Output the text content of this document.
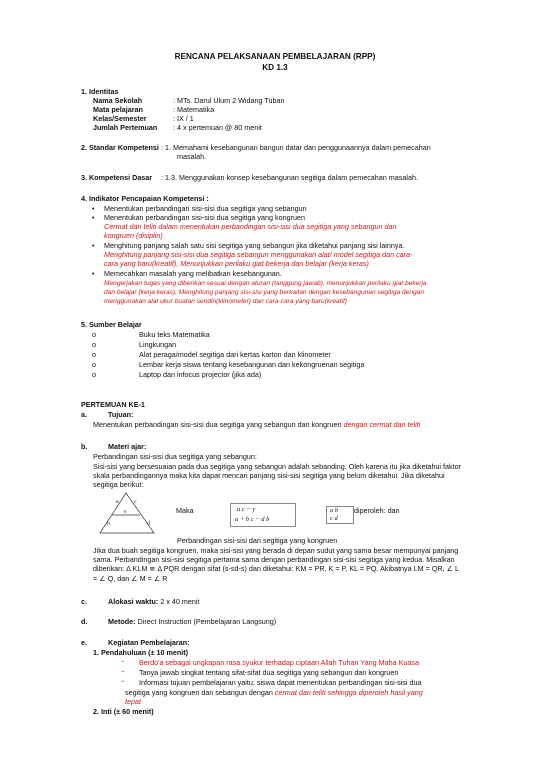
RENCANA PELAKSANAAN PEMBELAJARAN (RPP)
KD 1.3
1. Identitas
Nama Sekolah	: MTs. Darul Ulum 2 Widang Tuban
Mata pelajaran	: Matematika
Kelas/Semester	: IX / 1
Jumlah Pertemuan : 4 x pertemuan @ 80 menit
2. Standar Kompetensi : 1. Memahami kesebangunan bangun datar dan penggunaannya dalam pemecahan
masalah.
3. Kompetensi Dasar : 1.3. Menggunakan konsep kesebangunan segitiga dalam pemecahan masalah.
4. Indikator Pencapaian Kompetensi :
• Menentukan perbandingan sisi-sisi dua segitiga yang sebangun
• Menentukan perbandingan sisi-sisi dua segitiga yang kongruen
Cermat dan teliti dalam menentukan perbandingan sisi-sisi dua segitiga yang sebangun dan
kongruen (disiplin)
• Menghitung panjang salah satu sisi segitiga yang sebangun jika diketahui panjang sisi lainnya.
Menghitung panjang sisi-sisi dua segitiga sebangun menggunakan alat/ model segitiga dan cara-
cara yang baru(kreatif), Menunjukkan perilaku giat bekerja dan belajar (kerja keras)
• Memecahkan masalah yang melibatkan kesebangunan.
Mengerjakan tugas yang diberikan sesuai dengan aturan (tanggung jawab), menunjukkan perilaku giat bekerja
dan belajar (kerja keras), Menghitung panjang sisi-sisi yang berkaitan dengan kesebangunan segitiga dengan
menggunakan alat ukur buatan sendiri(klinometer) dan cara-cara yang baru(kreatif)
5. Sumber Belajar
o	Buku teks Matematika
o	Lingkungan
o	Alat peraga/model segitiga dari kertas karton dan klinometer
o	Lembar kerja siswa tentang kesebangunan dan kekongruenan segitiga
o	Laptop dan infocus projector (jika ada)
PERTEMUAN KE-1
a.	Tujuan:
Menentukan perbandingan sisi-sisi dua segitiga yang sebangun dan kongruen dengan cermat dan teliti
b.	Materi ajar:
Perbandingan sisi-sisi dua segitiga yang sebangun:
Sisi-sisi yang bersesuaian pada dua segitiga yang sebangun adalah sebanding. Oleh karena itu jika diketahui faktor
skala perbandingannya maka kita dapat mencari panjang sisi-sisi segitiga yang belum diketahui. Jika diketahui
segitiga berikut:
a
b
c
d
e	Maka	a c − y
a + b c − d b
a b
c d
diperoleh: dan
Perbandingan sisi-sisi dari segitiga yang kongruen
Jika dua buah segitiga kongruen, maka sisi-sisi yang berada di depan sudut yang sama besar mempunyai panjang
sama. Perbandingan sisi-sisi segitiga pertama sama dengan perbandingan sisi-sisi segitiga yang kedua. Misalkan
diberikan: Δ KLM ≅ Δ PQR dengan sifat (s-sd-s) dan diketahui: KM = PR, K = P, KL = PQ. Akibatnya LM = QR, ∠ L
= ∠ Q, dan ∠ M = ∠ R
c.	Alokasi waktu: 2 x 40 menit
d.	Metode: Direct Instruction (Pembelajaran Langsung)
e.	Kegiatan Pembelajaran:
1. Pendahuluan (± 10 menit)
▪ Berdo'a sebagai ungkapan rasa syukur terhadap ciptaan Allah Tuhan Yang Maha Kuasa
▪ Tanya jawab singkat tentang sifat-sifat dua segitiga yang sebangun dan kongruen
▪ Informasi tujuan pembelajaran yaitu: siswa dapat menentukan perbandingan sisi-sisi dua
segitiga yang kongruen dan sebangun dengan cermat dan teliti sehingga diperoleh hasil yang
tepat
2. Inti (± 60 menit)
